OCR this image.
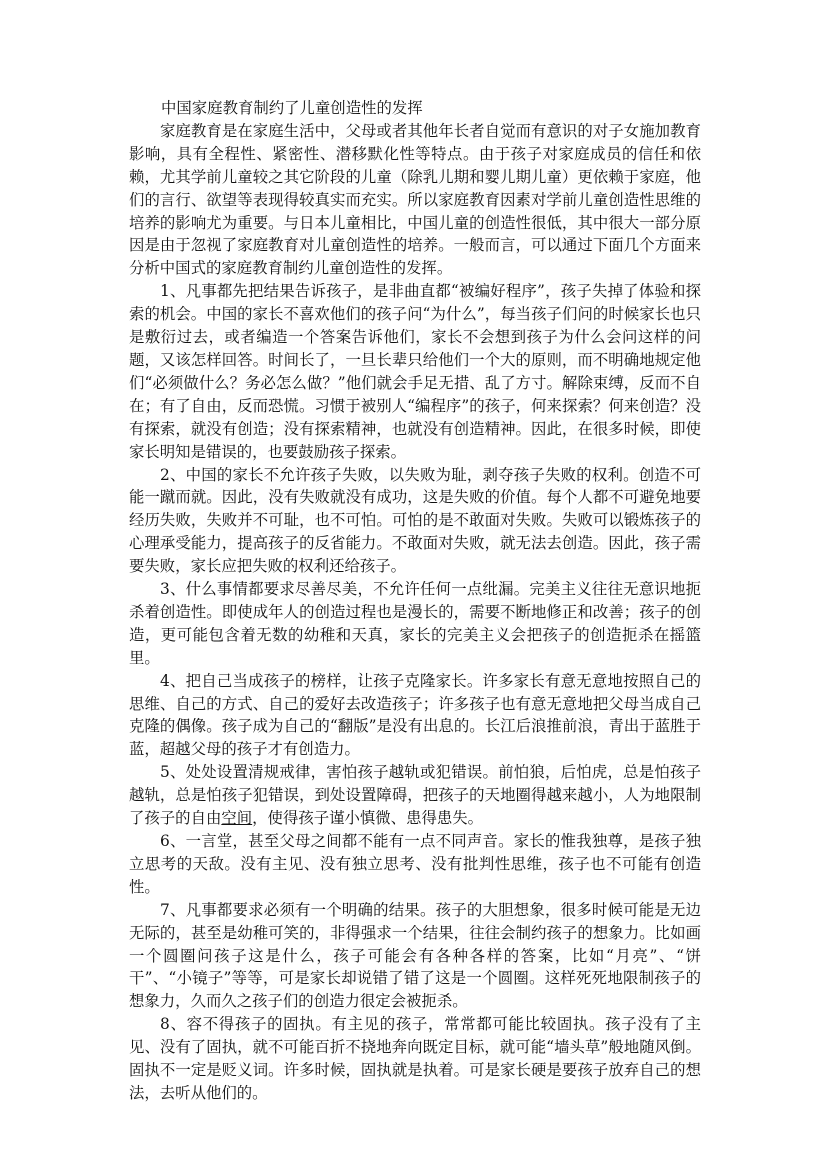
中国家庭教育制约了儿童创造性的发挥

家庭教育是在家庭生活中，父母或者其他年长者自觉而有意识的对子女施加教育影响，具有全程性、紧密性、潜移默化性等特点。由于孩子对家庭成员的信任和依赖，尤其学前儿童较之其它阶段的儿童（除乳儿期和婴儿期儿童）更依赖于家庭，他们的言行、欲望等表现得较真实而充实。所以家庭教育因素对学前儿童创造性思维的培养的影响尤为重要。与日本儿童相比，中国儿童的创造性很低，其中很大一部分原因是由于忽视了家庭教育对儿童创造性的培养。一般而言，可以通过下面几个方面来分析中国式的家庭教育制约儿童创造性的发挥。

1、凡事都先把结果告诉孩子，是非曲直都“被编好程序”，孩子失掉了体验和探索的机会。中国的家长不喜欢他们的孩子问“为什么”，每当孩子们问的时候家长也只是敷衍过去，或者编造一个答案告诉他们，家长不会想到孩子为什么会问这样的问题，又该怎样回答。时间长了，一旦长辈只给他们一个大的原则，而不明确地规定他们“必须做什么？务必怎么做？”他们就会手足无措、乱了方寸。解除束缚，反而不自在；有了自由，反而恐慌。习惯于被别人“编程序”的孩子，何来探索？何来创造？没有探索，就没有创造；没有探索精神，也就没有创造精神。因此，在很多时候，即使家长明知是错误的，也要鼓励孩子探索。

2、中国的家长不允许孩子失败，以失败为耻，剥夺孩子失败的权利。创造不可能一蹴而就。因此，没有失败就没有成功，这是失败的价值。每个人都不可避免地要经历失败，失败并不可耻，也不可怕。可怕的是不敢面对失败。失败可以锻炼孩子的心理承受能力，提高孩子的反省能力。不敢面对失败，就无法去创造。因此，孩子需要失败，家长应把失败的权利还给孩子。

3、什么事情都要求尽善尽美，不允许任何一点纰漏。完美主义往往无意识地扼杀着创造性。即使成年人的创造过程也是漫长的，需要不断地修正和改善；孩子的创造，更可能包含着无数的幼稚和天真，家长的完美主义会把孩子的创造扼杀在摇篮里。

4、把自己当成孩子的榜样，让孩子克隆家长。许多家长有意无意地按照自己的思维、自己的方式、自己的爱好去改造孩子；许多孩子也有意无意地把父母当成自己克隆的偶像。孩子成为自己的“翻版”是没有出息的。长江后浪推前浪，青出于蓝胜于蓝，超越父母的孩子才有创造力。

5、处处设置清规戒律，害怕孩子越轨或犯错误。前怕狼，后怕虎，总是怕孩子越轨，总是怕孩子犯错误，到处设置障碍，把孩子的天地圈得越来越小，人为地限制了孩子的自由空间，使得孩子谨小慎微、患得患失。

6、一言堂，甚至父母之间都不能有一点不同声音。家长的惟我独尊，是孩子独立思考的天敌。没有主见、没有独立思考、没有批判性思维，孩子也不可能有创造性。

7、凡事都要求必须有一个明确的结果。孩子的大胆想象，很多时候可能是无边无际的，甚至是幼稚可笑的，非得强求一个结果，往往会制约孩子的想象力。比如画一个圆圈问孩子这是什么，孩子可能会有各种各样的答案，比如“月亮”、“饼干”、“小镜子”等等，可是家长却说错了错了这是一个圆圈。这样死死地限制孩子的想象力，久而久之孩子们的创造力很定会被扼杀。

8、容不得孩子的固执。有主见的孩子，常常都可能比较固执。孩子没有了主见、没有了固执，就不可能百折不挠地奔向既定目标，就可能“墙头草”般地随风倒。固执不一定是贬义词。许多时候，固执就是执着。可是家长硬是要孩子放弃自己的想法，去听从他们的。
